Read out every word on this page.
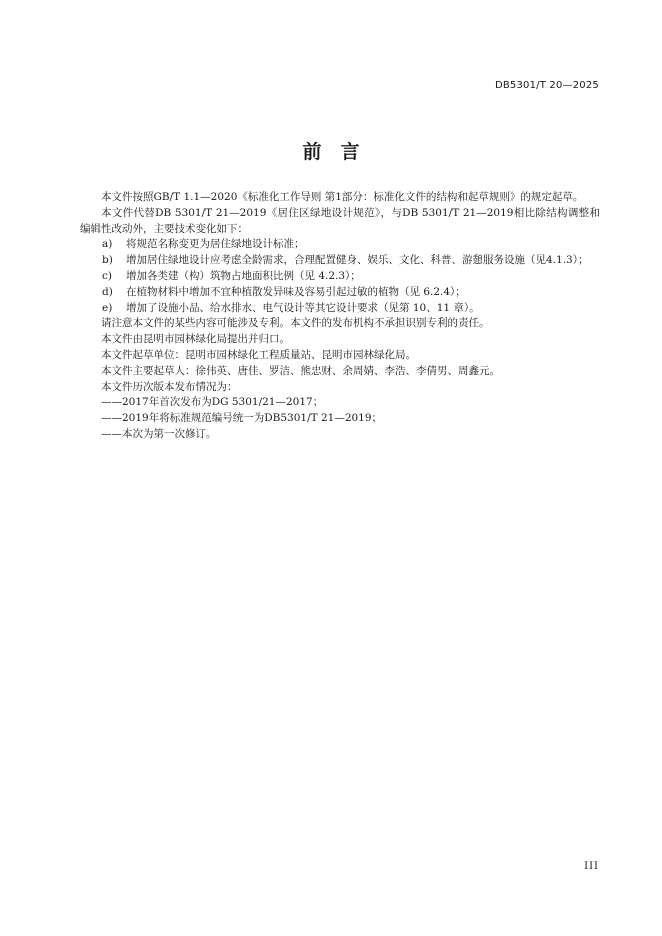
DB5301/T 20—2025
前言

本文件按照GB/T 1.1—2020《标准化工作导则 第1部分：标准化文件的结构和起草规则》的规定起草。

本文件代替DB 5301/T 21—2019《居住区绿地设计规范》，与DB 5301/T 21—2019相比除结构调整和编辑性改动外，主要技术变化如下：

a)	将规范名称变更为居住绿地设计标准；
b)	增加居住绿地设计应考虑全龄需求，合理配置健身、娱乐、文化、科普、游憩服务设施（见4.1.3）；
c)	增加各类建（构）筑物占地面积比例（见 4.2.3）；
d)	在植物材料中增加不宜种植散发异味及容易引起过敏的植物（见 6.2.4）；
e)	增加了设施小品、给水排水、电气设计等其它设计要求（见第 10、11 章）。

请注意本文件的某些内容可能涉及专利。本文件的发布机构不承担识别专利的责任。

本文件由昆明市园林绿化局提出并归口。

本文件起草单位：昆明市园林绿化工程质量站、昆明市园林绿化局。

本文件主要起草人：徐伟英、唐佳、罗洁、熊忠财、余周婧、李浩、李倩男、周鑫元。

本文件历次版本发布情况为：

——2017年首次发布为DG 5301/21—2017；

——2019年将标准规范编号统一为DB5301/T 21—2019；

——本次为第一次修订。

III
